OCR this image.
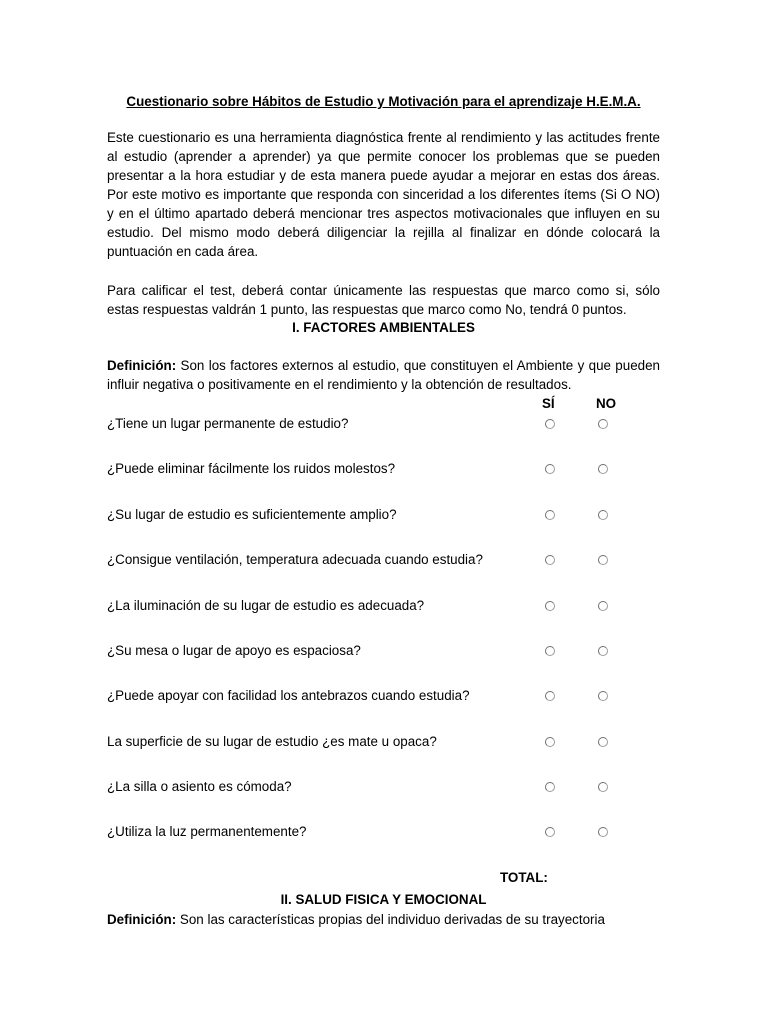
Cuestionario sobre Hábitos de Estudio y Motivación para el aprendizaje H.E.M.A.
Este cuestionario es una herramienta diagnóstica frente al rendimiento y las actitudes frente al estudio (aprender a aprender) ya que permite conocer los problemas que se pueden presentar a la hora estudiar y de esta manera puede ayudar a mejorar en estas dos áreas. Por este motivo es importante que responda con sinceridad a los diferentes ítems (Si O NO) y en el último apartado deberá mencionar tres aspectos motivacionales que influyen en su estudio. Del mismo modo deberá diligenciar la rejilla al finalizar en dónde colocará la puntuación en cada área.
Para calificar el test, deberá contar únicamente las respuestas que marco como si, sólo estas respuestas valdrán 1 punto, las respuestas que marco como No, tendrá 0 puntos.
I. FACTORES AMBIENTALES
Definición: Son los factores externos al estudio, que constituyen el Ambiente y que pueden influir negativa o positivamente en el rendimiento y la obtención de resultados.
SÍ	NO
¿Tiene un lugar permanente de estudio?
¿Puede eliminar fácilmente los ruidos molestos?
¿Su lugar de estudio es suficientemente amplio?
¿Consigue ventilación, temperatura adecuada cuando estudia?
¿La iluminación de su lugar de estudio es adecuada?
¿Su mesa o lugar de apoyo es espaciosa?
¿Puede apoyar con facilidad los antebrazos cuando estudia?
La superficie de su lugar de estudio ¿es mate u opaca?
¿La silla o asiento es cómoda?
¿Utiliza la luz permanentemente?
TOTAL:
II. SALUD FISICA Y EMOCIONAL
Definición: Son las características propias del individuo derivadas de su trayectoria
